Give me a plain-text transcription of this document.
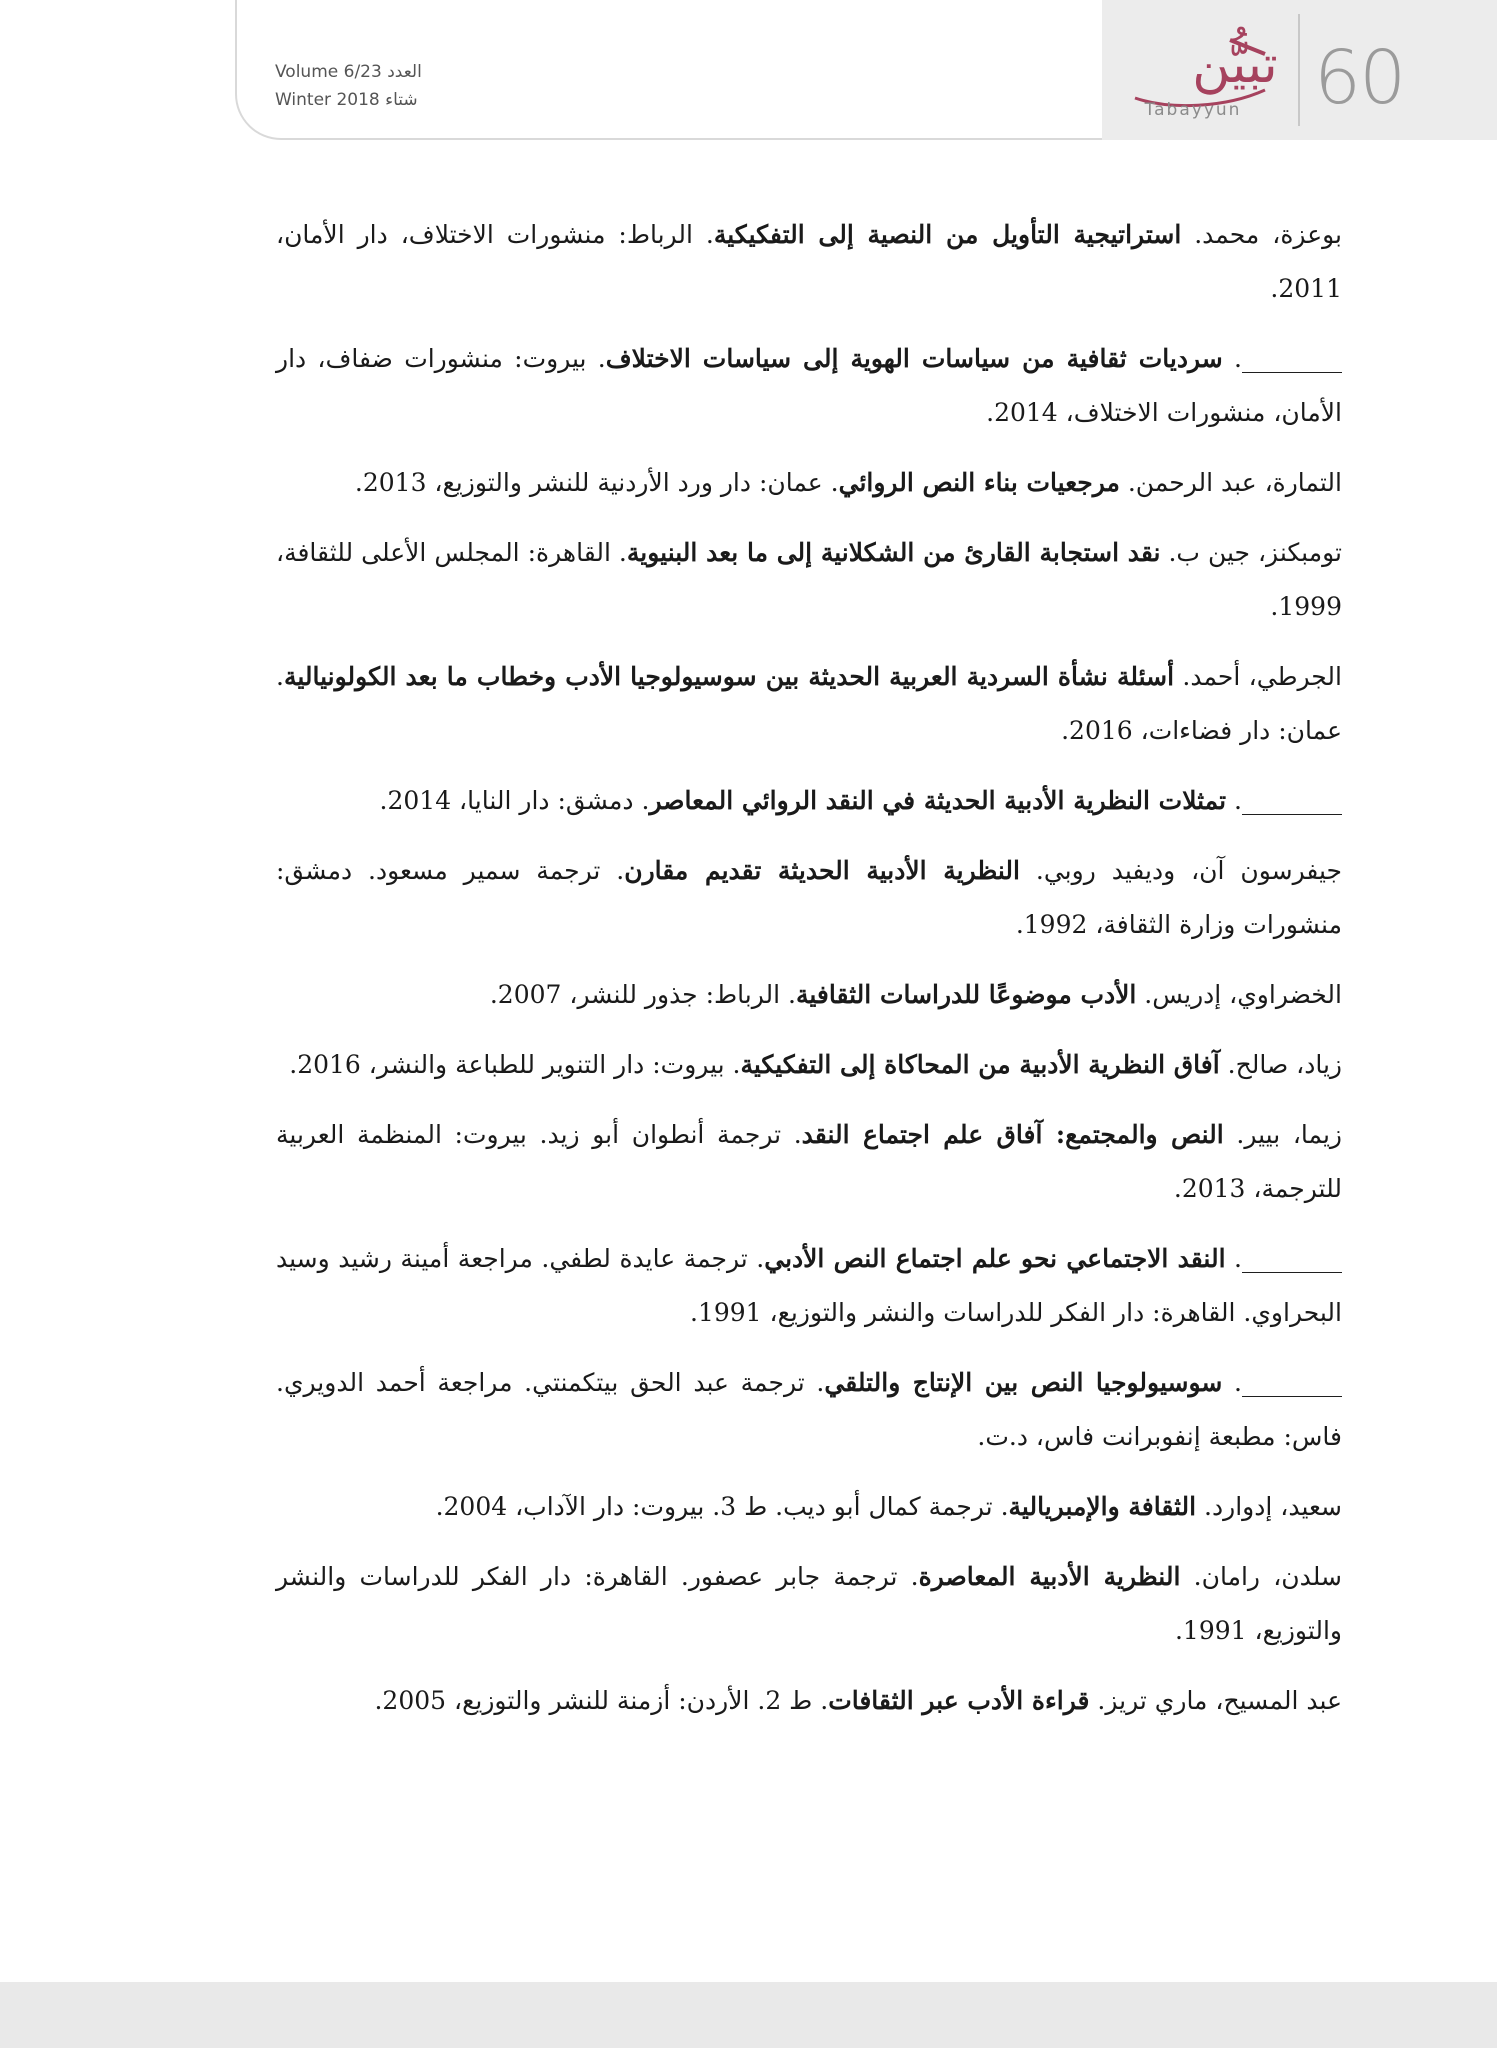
60
تبيُّن
Tabayyun
Volume 6/23 العدد
Winter 2018 شتاء

بوعزة، محمد. استراتيجية التأويل من النصية إلى التفكيكية. الرباط: منشورات الاختلاف، دار الأمان، 2011.

________. سرديات ثقافية من سياسات الهوية إلى سياسات الاختلاف. بيروت: منشورات ضفاف، دار الأمان، منشورات الاختلاف، 2014.

التمارة، عبد الرحمن. مرجعيات بناء النص الروائي. عمان: دار ورد الأردنية للنشر والتوزيع، 2013.

تومبكنز، جين ب. نقد استجابة القارئ من الشكلانية إلى ما بعد البنيوية. القاهرة: المجلس الأعلى للثقافة، 1999.

الجرطي، أحمد. أسئلة نشأة السردية العربية الحديثة بين سوسيولوجيا الأدب وخطاب ما بعد الكولونيالية. عمان: دار فضاءات، 2016.

________. تمثلات النظرية الأدبية الحديثة في النقد الروائي المعاصر. دمشق: دار النايا، 2014.

جيفرسون آن، وديفيد روبي. النظرية الأدبية الحديثة تقديم مقارن. ترجمة سمير مسعود. دمشق: منشورات وزارة الثقافة، 1992.

الخضراوي، إدريس. الأدب موضوعًا للدراسات الثقافية. الرباط: جذور للنشر، 2007.

زياد، صالح. آفاق النظرية الأدبية من المحاكاة إلى التفكيكية. بيروت: دار التنوير للطباعة والنشر، 2016.

زيما، بيير. النص والمجتمع: آفاق علم اجتماع النقد. ترجمة أنطوان أبو زيد. بيروت: المنظمة العربية للترجمة، 2013.

________. النقد الاجتماعي نحو علم اجتماع النص الأدبي. ترجمة عايدة لطفي. مراجعة أمينة رشيد وسيد البحراوي. القاهرة: دار الفكر للدراسات والنشر والتوزيع، 1991.

________. سوسيولوجيا النص بين الإنتاج والتلقي. ترجمة عبد الحق بيتكمنتي. مراجعة أحمد الدويري. فاس: مطبعة إنفوبرانت فاس، د.ت.

سعيد، إدوارد. الثقافة والإمبريالية. ترجمة كمال أبو ديب. ط 3. بيروت: دار الآداب، 2004.

سلدن، رامان. النظرية الأدبية المعاصرة. ترجمة جابر عصفور. القاهرة: دار الفكر للدراسات والنشر والتوزيع، 1991.

عبد المسيح، ماري تريز. قراءة الأدب عبر الثقافات. ط 2. الأردن: أزمنة للنشر والتوزيع، 2005.
